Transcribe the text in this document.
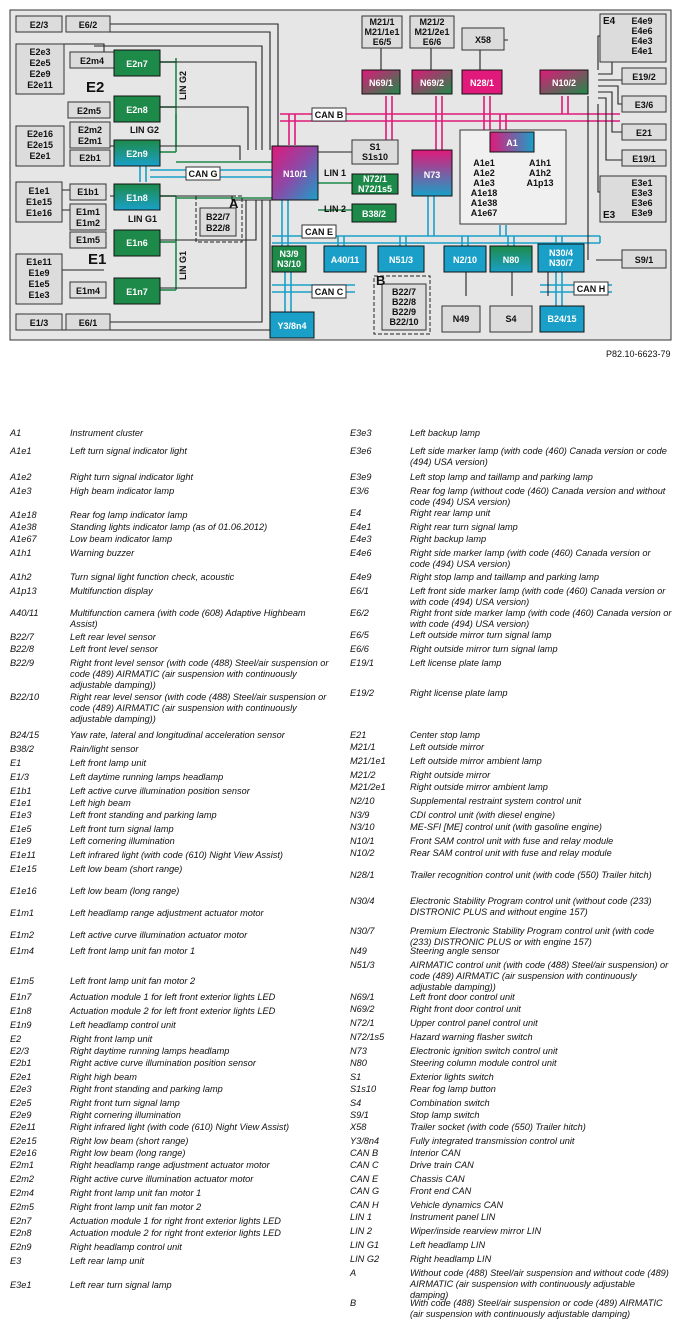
E2/3	E6/2
E2e3
E2e5
E2e9
E2e11
E2m4 E2n7
E2n8
E2m5
E2e16
E2e15
E2e1
E2m2
E2m1
E2b1	E2n9
M21/1
M21/1e1
E6/5
M21/2
M21/2e1
E6/6	X58
E4e9
E4e6
E4e3
E4e1
N69/1	N69/2	N28/1	N10/2
E19/2
E3/6
E21
E19/1
CAN B
S1
S1s10
A1
A1e1
A1e2
A1e3
A1e18
A1e38
A1e67
A1h1
A1h2
A1p13
CAN G	N10/1 LIN 1
N72/1
N72/1s5
N73
E3e1
E3e3
E3e6
E3e9
E1e1
E1e15
E1e16
E1b1
E1n8
E1m1
E1m2
B22/7
B22/8
LIN 2 B38/2
E1m5	E1n6
CAN E
E1e11
E1e9
E1e5
E1e3
N3/9
N3/10	A40/11	N51/3	N2/10	N80
N30/4
N30/7	S9/1
E1m4	E1n7	CAN C	B22/7
B22/8
B22/9
B22/10
CAN H
N49	S4	B24/15
E1/3	E6/1	Y3/8n4
E2
E1
A
B
E4
E3
LIN G2
LIN G2
LIN G1
LIN G1
P82.10-6623-79
A1	Instrument cluster
A1e1	Left turn signal indicator light
A1e2	Right turn signal indicator light
A1e3	High beam indicator lamp
A1e18	Rear fog lamp indicator lamp
A1e38	Standing lights indicator lamp (as of 01.06.2012)
A1e67	Low beam indicator lamp
A1h1	Warning buzzer
A1h2	Turn signal light function check, acoustic
A1p13	Multifunction display
A40/11	Multifunction camera (with code (608) Adaptive Highbeam Assist)
B22/7	Left rear level sensor
B22/8	Left front level sensor
B22/9	Right front level sensor (with code (488) Steel/air suspension or code (489) AIRMATIC (air suspension with continuously adjustable damping))
B22/10	Right rear level sensor (with code (488) Steel/air suspension or code (489) AIRMATIC (air suspension with continuously adjustable damping))
B24/15	Yaw rate, lateral and longitudinal acceleration sensor
B38/2	Rain/light sensor
E1	Left front lamp unit
E1/3	Left daytime running lamps headlamp
E1b1	Left active curve illumination position sensor
E1e1	Left high beam
E1e3	Left front standing and parking lamp
E1e5	Left front turn signal lamp
E1e9	Left cornering illumination
E1e11	Left infrared light (with code (610) Night View Assist)
E1e15	Left low beam (short range)
E1e16	Left low beam (long range)
E1m1	Left headlamp range adjustment actuator motor
E1m2	Left active curve illumination actuator motor
E1m4	Left front lamp unit fan motor 1
E1m5	Left front lamp unit fan motor 2
E1n7	Actuation module 1 for left front exterior lights LED
E1n8	Actuation module 2 for left front exterior lights LED
E1n9	Left headlamp control unit
E2	Right front lamp unit
E2/3	Right daytime running lamps headlamp
E2b1	Right active curve illumination position sensor
E2e1	Right high beam
E2e3	Right front standing and parking lamp
E2e5	Right front turn signal lamp
E2e9	Right cornering illumination
E2e11	Right infrared light (with code (610) Night View Assist)
E2e15	Right low beam (short range)
E2e16	Right low beam (long range)
E2m1	Right headlamp range adjustment actuator motor
E2m2	Right active curve illumination actuator motor
E2m4	Right front lamp unit fan motor 1
E2m5	Right front lamp unit fan motor 2
E2n7	Actuation module 1 for right front exterior lights LED
E2n8	Actuation module 2 for right front exterior lights LED
E2n9	Right headlamp control unit
E3	Left rear lamp unit
E3e1	Left rear turn signal lamp
E3e3	Left backup lamp
E3e6	Left side marker lamp (with code (460) Canada version or code (494) USA version)
E3e9	Left stop lamp and taillamp and parking lamp
E3/6	Rear fog lamp (without code (460) Canada version and without code (494) USA version)
E4	Right rear lamp unit
E4e1	Right rear turn signal lamp
E4e3	Right backup lamp
E4e6	Right side marker lamp (with code (460) Canada version or code (494) USA version)
E4e9	Right stop lamp and taillamp and parking lamp
E6/1	Left front side marker lamp (with code (460) Canada version or with code (494) USA version)
E6/2	Right front side marker lamp (with code (460) Canada version or with code (494) USA version)
E6/5	Left outside mirror turn signal lamp
E6/6	Right outside mirror turn signal lamp
E19/1	Left license plate lamp
E19/2	Right license plate lamp
E21	Center stop lamp
M21/1	Left outside mirror
M21/1e1	Left outside mirror ambient lamp
M21/2	Right outside mirror
M21/2e1	Right outside mirror ambient lamp
N2/10	Supplemental restraint system control unit
N3/9	CDI control unit (with diesel engine)
N3/10	ME-SFI [ME] control unit (with gasoline engine)
N10/1	Front SAM control unit with fuse and relay module
N10/2	Rear SAM control unit with fuse and relay module
N28/1	Trailer recognition control unit (with code (550) Trailer hitch)
N30/4	Electronic Stability Program control unit (without code (233) DISTRONIC PLUS and without engine 157)
N30/7	Premium Electronic Stability Program control unit (with code (233) DISTRONIC PLUS or with engine 157)
N49	Steering angle sensor
N51/3	AIRMATIC control unit (with code (488) Steel/air suspension) or code (489) AIRMATIC (air suspension with continuously adjustable damping))
N69/1	Left front door control unit
N69/2	Right front door control unit
N72/1	Upper control panel control unit
N72/1s5	Hazard warning flasher switch
N73	Electronic ignition switch control unit
N80	Steering column module control unit
S1	Exterior lights switch
S1s10	Rear fog lamp button
S4	Combination switch
S9/1	Stop lamp switch
X58	Trailer socket (with code (550) Trailer hitch)
Y3/8n4	Fully integrated transmission control unit
CAN B	Interior CAN
CAN C	Drive train CAN
CAN E	Chassis CAN
CAN G	Front end CAN
CAN H	Vehicle dynamics CAN
LIN 1	Instrument panel LIN
LIN 2	Wiper/inside rearview mirror LIN
LIN G1	Left headlamp LIN
LIN G2	Right headlamp LIN
A	Without code (488) Steel/air suspension and without code (489) AIRMATIC (air suspension with continuously adjustable damping)
B	With code (488) Steel/air suspension or code (489) AIRMATIC (air suspension with continuously adjustable damping)
